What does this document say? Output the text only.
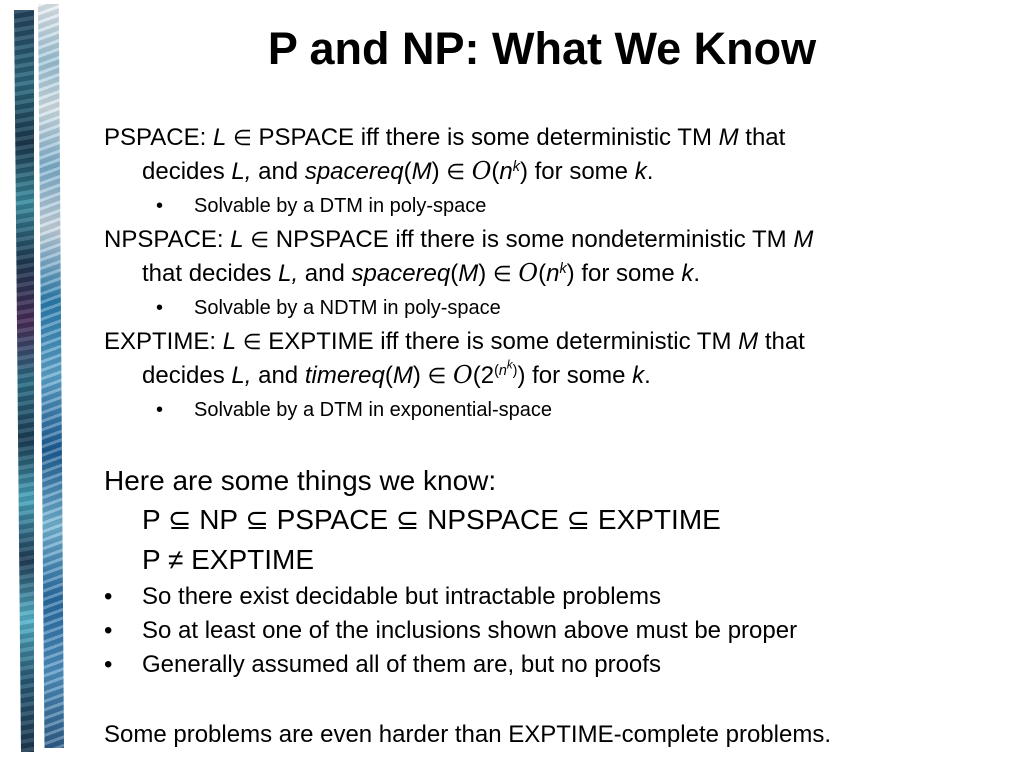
P and NP: What We Know
PSPACE: L ∈ PSPACE iff there is some deterministic TM M that
decides L, and spacereq(M) ∈ $O(n^k)$ for some k.
• Solvable by a DTM in poly-space
NPSPACE: L ∈ NPSPACE iff there is some nondeterministic TM M
that decides L, and spacereq(M) ∈ $O(n^k)$ for some k.
• Solvable by a NDTM in poly-space
EXPTIME: L ∈ EXPTIME iff there is some deterministic TM M that
decides L, and timereq(M) ∈ $O(2^{(n^k)})$ for some k.
• Solvable by a DTM in exponential-space
Here are some things we know:
P ⊆ NP ⊆ PSPACE ⊆ NPSPACE ⊆ EXPTIME
P ≠ EXPTIME
• So there exist decidable but intractable problems
• So at least one of the inclusions shown above must be proper
• Generally assumed all of them are, but no proofs
Some problems are even harder than EXPTIME-complete problems.
